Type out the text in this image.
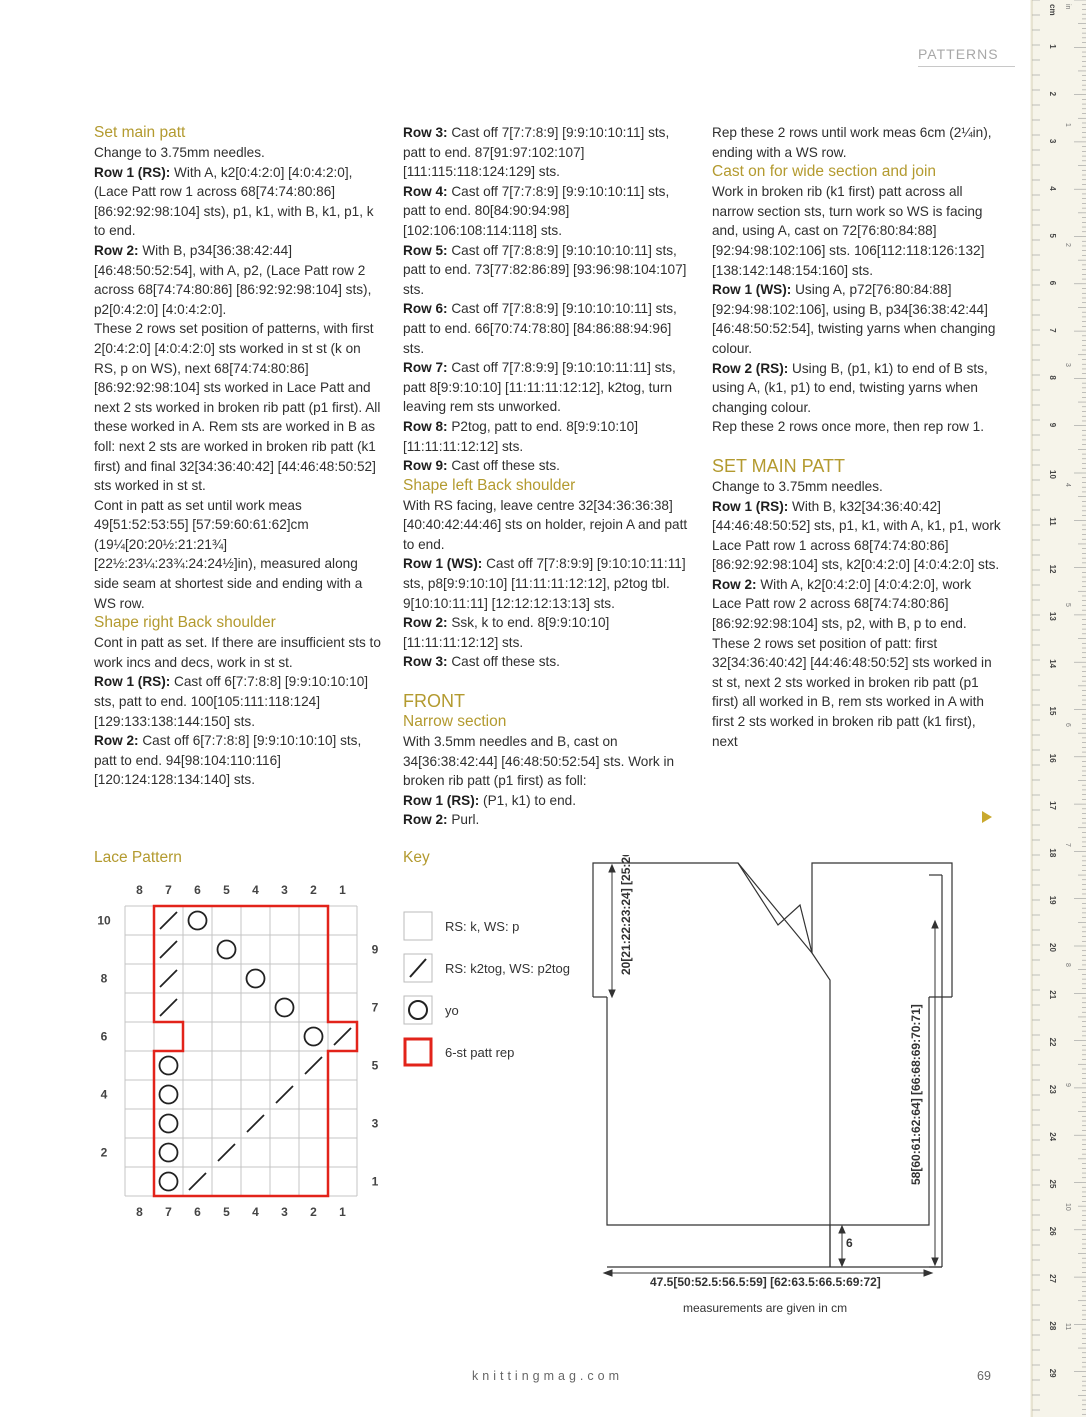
PATTERNS

Set main patt

Change to 3.75mm needles.

Row 1 (RS): With A, k2[0:4:2:0] [4:0:4:2:0], (Lace Patt row 1 across 68[74:74:80:86] [86:92:92:98:104] sts), p1, k1, with B, k1, p1, k to end.

Row 2: With B, p34[36:38:42:44] [46:48:50:52:54], with A, p2, (Lace Patt row 2 across 68[74:74:80:86] [86:92:92:98:104] sts), p2[0:4:2:0] [4:0:4:2:0].

These 2 rows set position of patterns, with first 2[0:4:2:0] [4:0:4:2:0] sts worked in st st (k on RS, p on WS), next 68[74:74:80:86] [86:92:92:98:104] sts worked in Lace Patt and next 2 sts worked in broken rib patt (p1 first). All these worked in A. Rem sts are worked in B as foll: next 2 sts are worked in broken rib patt (k1 first) and final 32[34:36:40:42] [44:46:48:50:52] sts worked in st st.

Cont in patt as set until work meas 49[51:52:53:55] [57:59:60:61:62]cm (19¼[20:20½:21:21¾] [22½:23¼:23¾:24:24½]in), measured along side seam at shortest side and ending with a WS row.

Shape right Back shoulder

Cont in patt as set. If there are insufficient sts to work incs and decs, work in st st.

Row 1 (RS): Cast off 6[7:7:8:8] [9:9:10:10:10] sts, patt to end. 100[105:111:118:124] [129:133:138:144:150] sts.

Row 2: Cast off 6[7:7:8:8] [9:9:10:10:10] sts, patt to end. 94[98:104:110:116] [120:124:128:134:140] sts.

Row 3: Cast off 7[7:7:8:9] [9:9:10:10:11] sts, patt to end. 87[91:97:102:107] [111:115:118:124:129] sts.

Row 4: Cast off 7[7:7:8:9] [9:9:10:10:11] sts, patt to end. 80[84:90:94:98] [102:106:108:114:118] sts.

Row 5: Cast off 7[7:8:8:9] [9:10:10:10:11] sts, patt to end. 73[77:82:86:89] [93:96:98:104:107] sts.

Row 6: Cast off 7[7:8:8:9] [9:10:10:10:11] sts, patt to end. 66[70:74:78:80] [84:86:88:94:96] sts.

Row 7: Cast off 7[7:8:9:9] [9:10:10:11:11] sts, patt 8[9:9:10:10] [11:11:11:12:12], k2tog, turn leaving rem sts unworked.

Row 8: P2tog, patt to end. 8[9:9:10:10] [11:11:11:12:12] sts.

Row 9: Cast off these sts.

Shape left Back shoulder

With RS facing, leave centre 32[34:36:36:38] [40:40:42:44:46] sts on holder, rejoin A and patt to end.

Row 1 (WS): Cast off 7[7:8:9:9] [9:10:10:11:11] sts, p8[9:9:10:10] [11:11:11:12:12], p2tog tbl. 9[10:10:11:11] [12:12:12:13:13] sts.

Row 2: Ssk, k to end. 8[9:9:10:10] [11:11:11:12:12] sts.

Row 3: Cast off these sts.

FRONT

Narrow section

With 3.5mm needles and B, cast on 34[36:38:42:44] [46:48:50:52:54] sts. Work in broken rib patt (p1 first) as foll:

Row 1 (RS): (P1, k1) to end.

Row 2: Purl.

Rep these 2 rows until work meas 6cm (2¼in), ending with a WS row.

Cast on for wide section and join

Work in broken rib (k1 first) patt across all narrow section sts, turn work so WS is facing and, using A, cast on 72[76:80:84:88] [92:94:98:102:106] sts. 106[112:118:126:132] [138:142:148:154:160] sts.

Row 1 (WS): Using A, p72[76:80:84:88] [92:94:98:102:106], using B, p34[36:38:42:44] [46:48:50:52:54], twisting yarns when changing colour.

Row 2 (RS): Using B, (p1, k1) to end of B sts, using A, (k1, p1) to end, twisting yarns when changing colour.

Rep these 2 rows once more, then rep row 1.

SET MAIN PATT

Change to 3.75mm needles.

Row 1 (RS): With B, k32[34:36:40:42] [44:46:48:50:52] sts, p1, k1, with A, k1, p1, work Lace Patt row 1 across 68[74:74:80:86] [86:92:92:98:104] sts, k2[0:4:2:0] [4:0:4:2:0] sts.

Row 2: With A, k2[0:4:2:0] [4:0:4:2:0], work Lace Patt row 2 across 68[74:74:80:86] [86:92:92:98:104] sts, p2, with B, p to end.

These 2 rows set position of patt: first 32[34:36:40:42] [44:46:48:50:52] sts worked in st st, next 2 sts worked in broken rib patt (p1 first) all worked in B, rem sts worked in A with first 2 sts worked in broken rib patt (k1 first), next

Lace Pattern	Key
8
8
7
7
6
6
5
5
4
4
3
3
2
2
1
1
10
8
6
4
2
9
7
5
3
1
RS: k, WS: p
RS: k2tog, WS: p2tog
yo
6-st patt rep
20[21:22:23:24] [25:26:26:27:27]
58[60:61:62:64] [66:68:69:70:71]
6
47.5[50:52.5:56.5:59] [62:63.5:66.5:69:72]
measurements are given in cm
1
2
3
4
5
6
7
8
9
10
11
12
13
14
15
16
17
18
19
20
21
22
23
24
25
26
27
28
29
1
2
3
4
5
6
7
8
9
10
11
cm in
knittingmag.com	69
